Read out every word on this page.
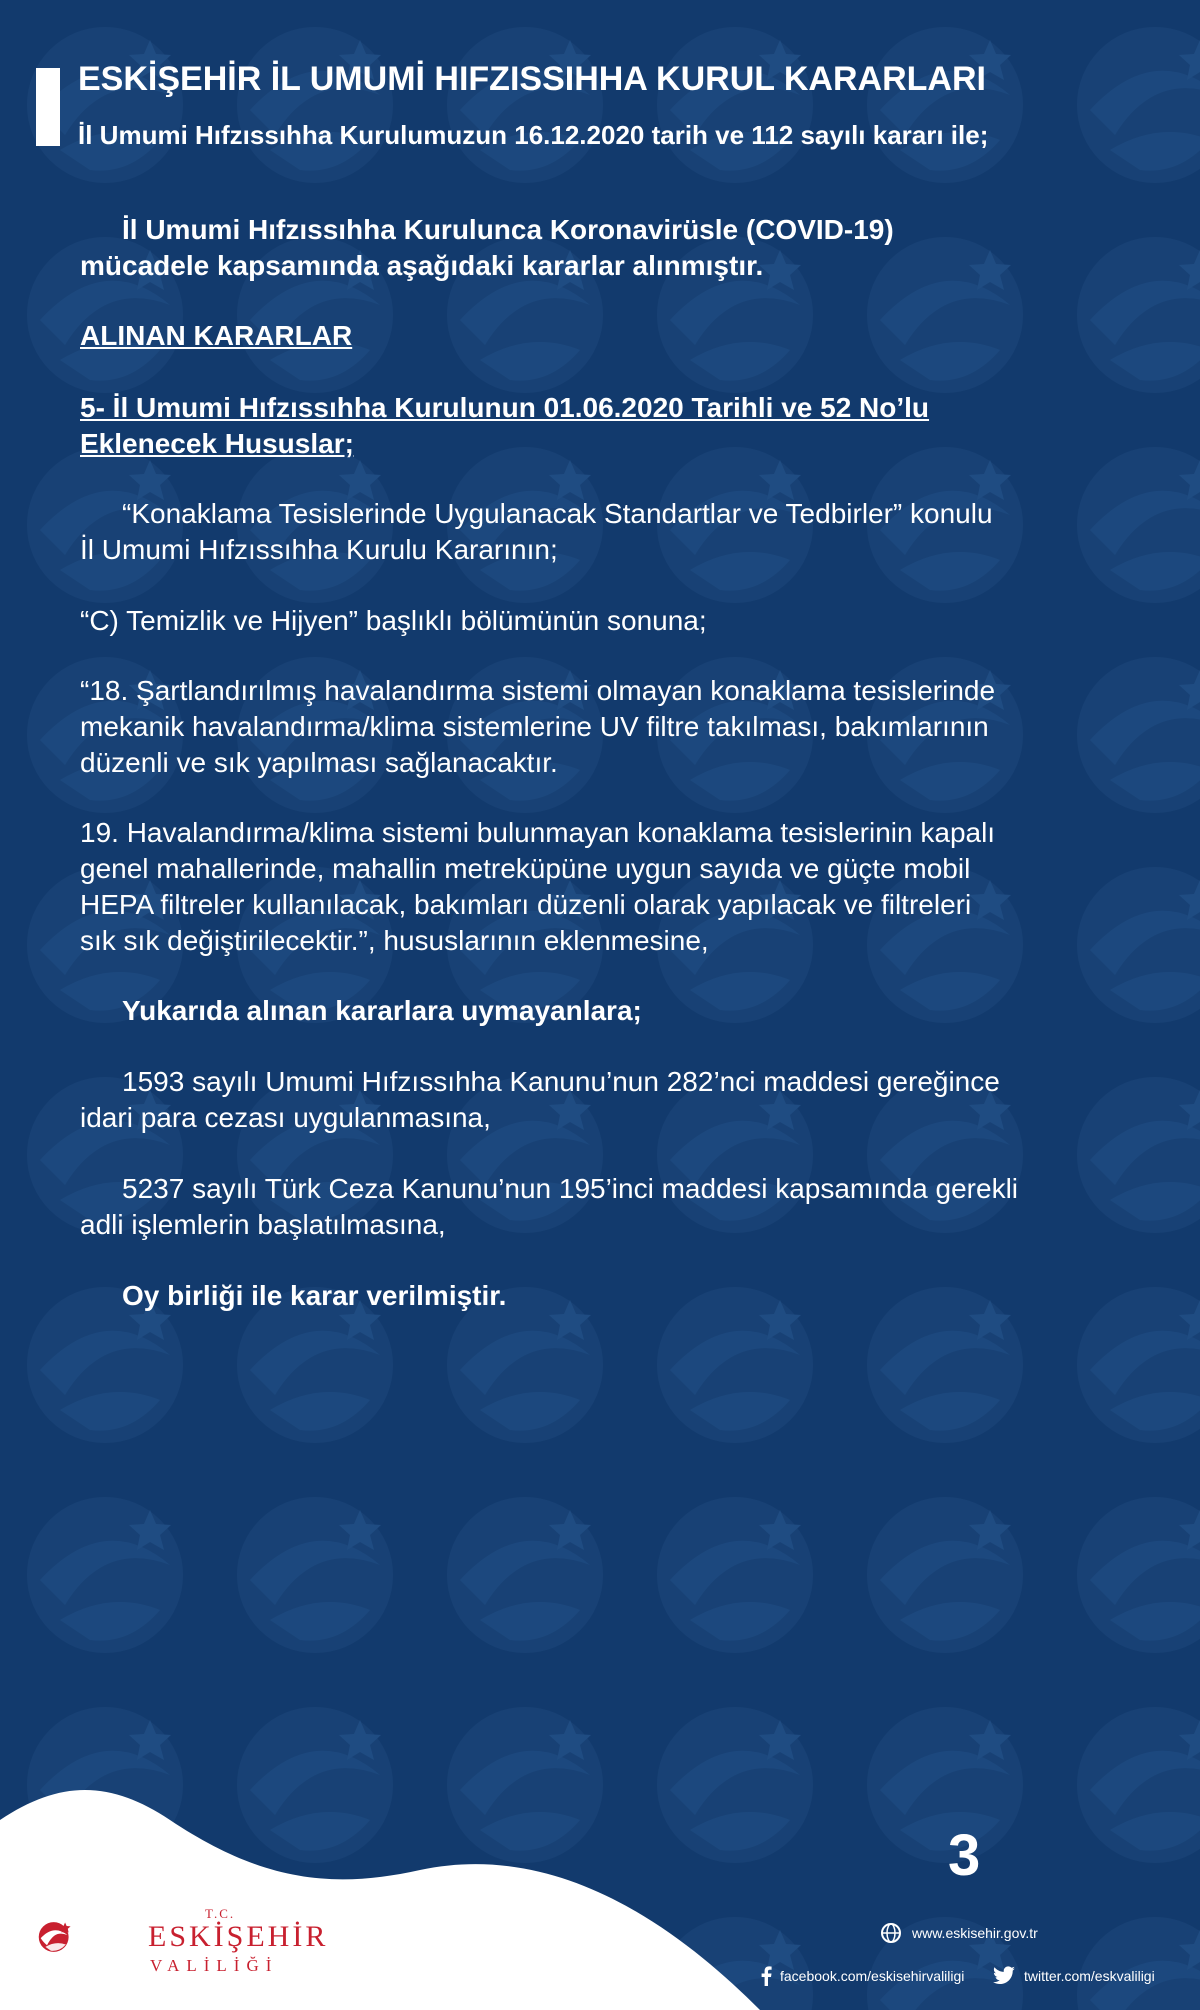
ESKİŞEHİR İL UMUMİ HIFZISSIHHA KURUL KARARLARI
İl Umumi Hıfzıssıhha Kurulumuzun 16.12.2020 tarih ve 112 sayılı kararı ile;

İl Umumi Hıfzıssıhha Kurulunca Koronavirüsle (COVID-19)
mücadele kapsamında aşağıdaki kararlar alınmıştır.

ALINAN KARARLAR

5- İl Umumi Hıfzıssıhha Kurulunun 01.06.2020 Tarihli ve 52 No’lu
Eklenecek Hususlar;

“Konaklama Tesislerinde Uygulanacak Standartlar ve Tedbirler” konulu
İl Umumi Hıfzıssıhha Kurulu Kararının;

“C) Temizlik ve Hijyen” başlıklı bölümünün sonuna;

“18. Şartlandırılmış havalandırma sistemi olmayan konaklama tesislerinde
mekanik havalandırma/klima sistemlerine UV filtre takılması, bakımlarının
düzenli ve sık yapılması sağlanacaktır.

19. Havalandırma/klima sistemi bulunmayan konaklama tesislerinin kapalı
genel mahallerinde, mahallin metreküpüne uygun sayıda ve güçte mobil
HEPA filtreler kullanılacak, bakımları düzenli olarak yapılacak ve filtreleri
sık sık değiştirilecektir.”, hususlarının eklenmesine,

Yukarıda alınan kararlara uymayanlara;

1593 sayılı Umumi Hıfzıssıhha Kanunu’nun 282’nci maddesi gereğince
idari para cezası uygulanmasına,

5237 sayılı Türk Ceza Kanunu’nun 195’inci maddesi kapsamında gerekli
adli işlemlerin başlatılmasına,

Oy birliği ile karar verilmiştir.

3
T.C.
ESKİŞEHİR
VALİLİĞİ
www.eskisehir.gov.tr
facebook.com/eskisehirvaliligi	twitter.com/eskvaliligi
